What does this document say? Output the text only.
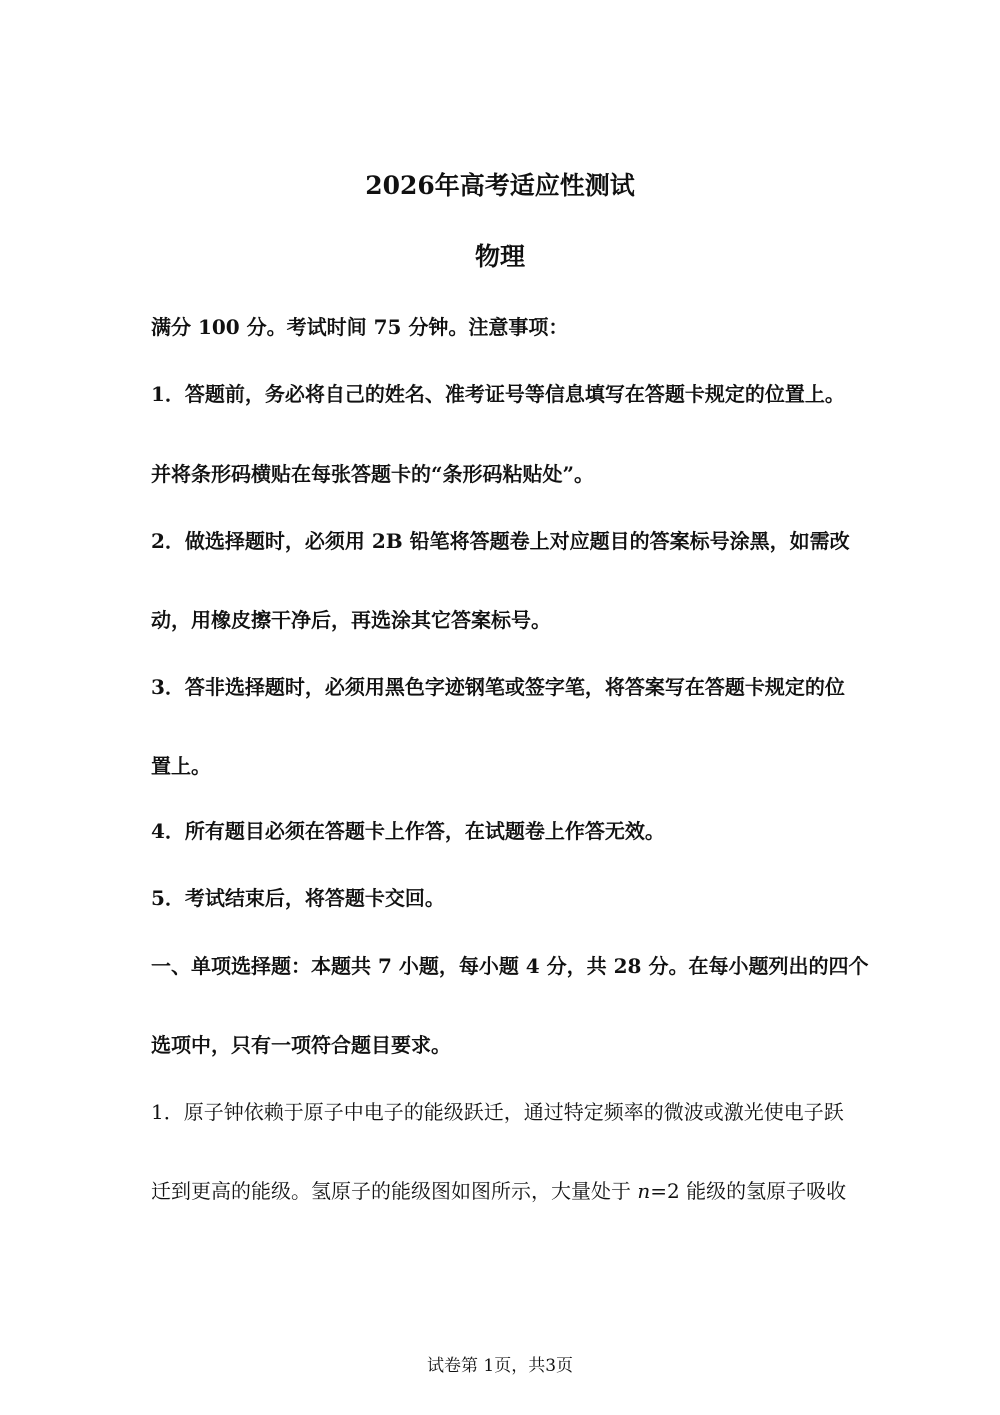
2026年高考适应性测试
物理
满分 100 分。考试时间 75 分钟。注意事项：
1．答题前，务必将自己的姓名、准考证号等信息填写在答题卡规定的位置上。
并将条形码横贴在每张答题卡的“条形码粘贴处”。
2．做选择题时，必须用 2B 铅笔将答题卷上对应题目的答案标号涂黑，如需改
动，用橡皮擦干净后，再选涂其它答案标号。
3．答非选择题时，必须用黑色字迹钢笔或签字笔，将答案写在答题卡规定的位
置上。
4．所有题目必须在答题卡上作答，在试题卷上作答无效。
5．考试结束后，将答题卡交回。
一、单项选择题：本题共 7 小题，每小题 4 分，共 28 分。在每小题列出的四个
选项中，只有一项符合题目要求。
1．原子钟依赖于原子中电子的能级跃迁，通过特定频率的微波或激光使电子跃
迁到更高的能级。氢原子的能级图如图所示，大量处于 n=2 能级的氢原子吸收
试卷第 1页，共3页
